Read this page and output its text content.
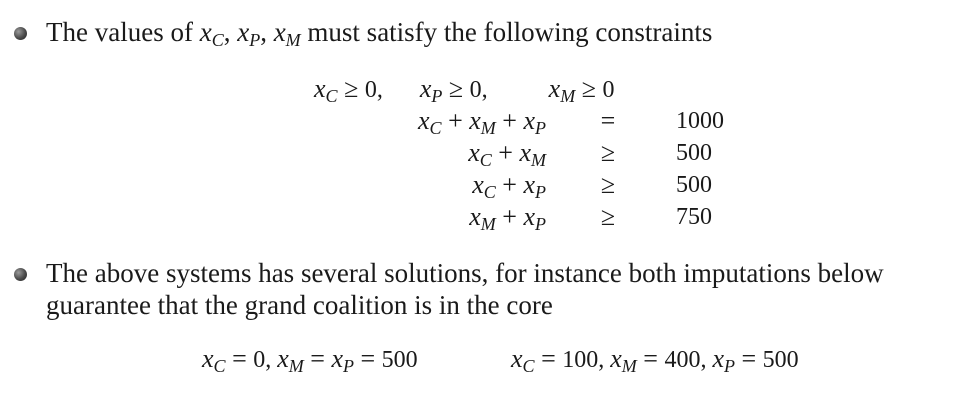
The values of $x_C$, $x_P$, $x_M$ must satisfy the following constraints
$x_C \ge 0$, $x_P \ge 0$, $x_M \ge 0$
$x_C + x_M + x_P$	=	1000
$x_C + x_M$	≥	500
$x_C + x_P$	≥	500
$x_M + x_P$	≥	750
The above systems has several solutions, for instance both imputations below
guarantee that the grand coalition is in the core
$x_C = 0$, $x_M = x_P = 500$	$x_C = 100$, $x_M = 400$, $x_P = 500$
